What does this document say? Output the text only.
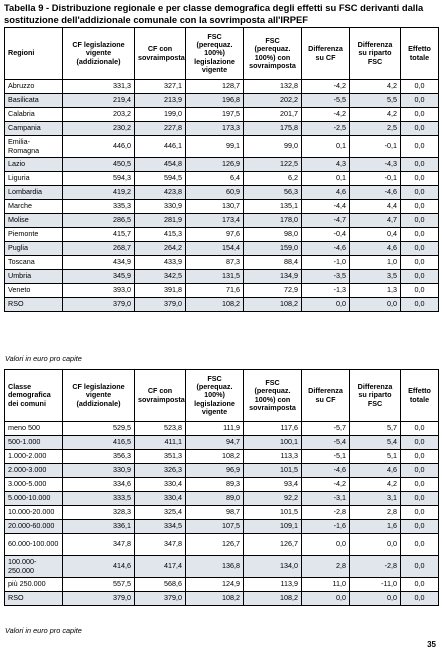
Tabella 9 - Distribuzione regionale e per classe demografica degli effetti su FSC derivanti dalla sostituzione dell'addizionale comunale con la sovrimposta all'IRPEF
Regioni	CF legislazione vigente (addizionale)	CF con sovraimposta	FSC (perequaz. 100%) legislazione vigente	FSC (perequaz. 100%) con sovraimposta	Differenza su CF	Differenza su riparto FSC	Effetto totale
Abruzzo	331,3	327,1	128,7	132,8	-4,2	4,2	0,0
Basilicata	219,4	213,9	196,8	202,2	-5,5	5,5	0,0
Calabria	203,2	199,0	197,5	201,7	-4,2	4,2	0,0
Campania	230,2	227,8	173,3	175,8	-2,5	2,5	0,0
Emilia-Romagna	446,0	446,1	99,1	99,0	0,1	-0,1	0,0
Lazio	450,5	454,8	126,9	122,5	4,3	-4,3	0,0
Liguria	594,3	594,5	6,4	6,2	0,1	-0,1	0,0
Lombardia	419,2	423,8	60,9	56,3	4,6	-4,6	0,0
Marche	335,3	330,9	130,7	135,1	-4,4	4,4	0,0
Molise	286,5	281,9	173,4	178,0	-4,7	4,7	0,0
Piemonte	415,7	415,3	97,6	98,0	-0,4	0,4	0,0
Puglia	268,7	264,2	154,4	159,0	-4,6	4,6	0,0
Toscana	434,9	433,9	87,3	88,4	-1,0	1,0	0,0
Umbria	345,9	342,5	131,5	134,9	-3,5	3,5	0,0
Veneto	393,0	391,8	71,6	72,9	-1,3	1,3	0,0
RSO	379,0	379,0	108,2	108,2	0,0	0,0	0,0
Valori in euro pro capite
Classe demografica dei comuni	CF legislazione vigente (addizionale)	CF con sovraimposta	FSC (perequaz. 100%) legislazione vigente	FSC (perequaz. 100%) con sovraimposta	Differenza su CF	Differenza su riparto FSC	Effetto totale
meno 500	529,5	523,8	111,9	117,6	-5,7	5,7	0,0
500-1.000	416,5	411,1	94,7	100,1	-5,4	5,4	0,0
1.000-2.000	356,3	351,3	108,2	113,3	-5,1	5,1	0,0
2.000-3.000	330,9	326,3	96,9	101,5	-4,6	4,6	0,0
3.000-5.000	334,6	330,4	89,3	93,4	-4,2	4,2	0,0
5.000-10.000	333,5	330,4	89,0	92,2	-3,1	3,1	0,0
10.000-20.000	328,3	325,4	98,7	101,5	-2,8	2,8	0,0
20.000-60.000	336,1	334,5	107,5	109,1	-1,6	1,6	0,0
60.000-100.000	347,8	347,8	126,7	126,7	0,0	0,0	0,0
100.000-250.000	414,6	417,4	136,8	134,0	2,8	-2,8	0,0
più 250.000	557,5	568,6	124,9	113,9	11,0	-11,0	0,0
RSO	379,0	379,0	108,2	108,2	0,0	0,0	0,0
Valori in euro pro capite
35
